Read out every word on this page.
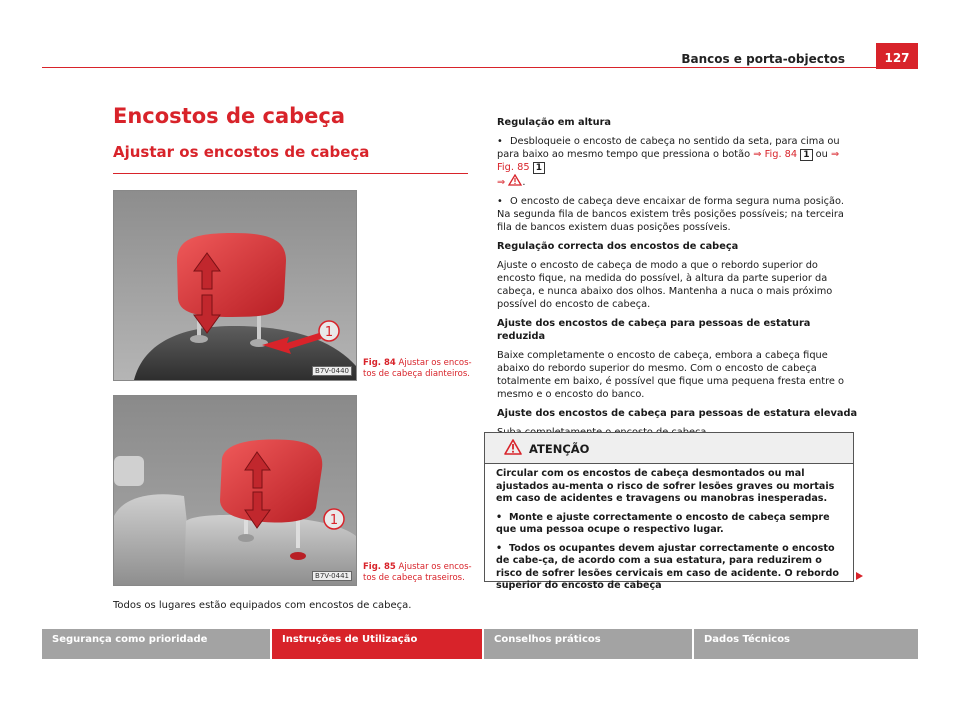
Bancos e porta-objectos	127
Encostos de cabeça
Ajustar os encostos de cabeça
1
B7V-0440
Fig. 84 Ajustar os encos-tos de cabeça dianteiros.
1
B7V-0441
Fig. 85 Ajustar os encos-tos de cabeça traseiros.
Todos os lugares estão equipados com encostos de cabeça.

Regulação em altura

• Desbloqueie o encosto de cabeça no sentido da seta, para cima ou para baixo ao mesmo tempo que pressiona o botão ⇒ Fig. 84 1 ou ⇒ Fig. 85 1
⇒ .

• O encosto de cabeça deve encaixar de forma segura numa posição. Na segunda fila de bancos existem três posições possíveis; na terceira fila de bancos existem duas posições possíveis.

Regulação correcta dos encostos de cabeça

Ajuste o encosto de cabeça de modo a que o rebordo superior do encosto fique, na medida do possível, à altura da parte superior da cabeça, e nunca abaixo dos olhos. Mantenha a nuca o mais próximo possível do encosto de cabeça.

Ajuste dos encostos de cabeça para pessoas de estatura reduzida

Baixe completamente o encosto de cabeça, embora a cabeça fique abaixo do rebordo superior do mesmo. Com o encosto de cabeça totalmente em baixo, é possível que fique uma pequena fresta entre o mesmo e o encosto do banco.

Ajuste dos encostos de cabeça para pessoas de estatura elevada

ATENÇÃO

Circular com os encostos de cabeça desmontados ou mal ajustados au-menta o risco de sofrer lesões graves ou mortais em caso de acidentes e travagens ou manobras inesperadas.

• Monte e ajuste correctamente o encosto de cabeça sempre que uma pessoa ocupe o respectivo lugar.

• Todos os ocupantes devem ajustar correctamente o encosto de cabe-ça, de acordo com a sua estatura, para reduzirem o risco de sofrer lesões cervicais em caso de acidente. O rebordo superior do encosto de cabeça

Segurança como prioridade	Instruções de Utilização	Conselhos práticos	Dados Técnicos
